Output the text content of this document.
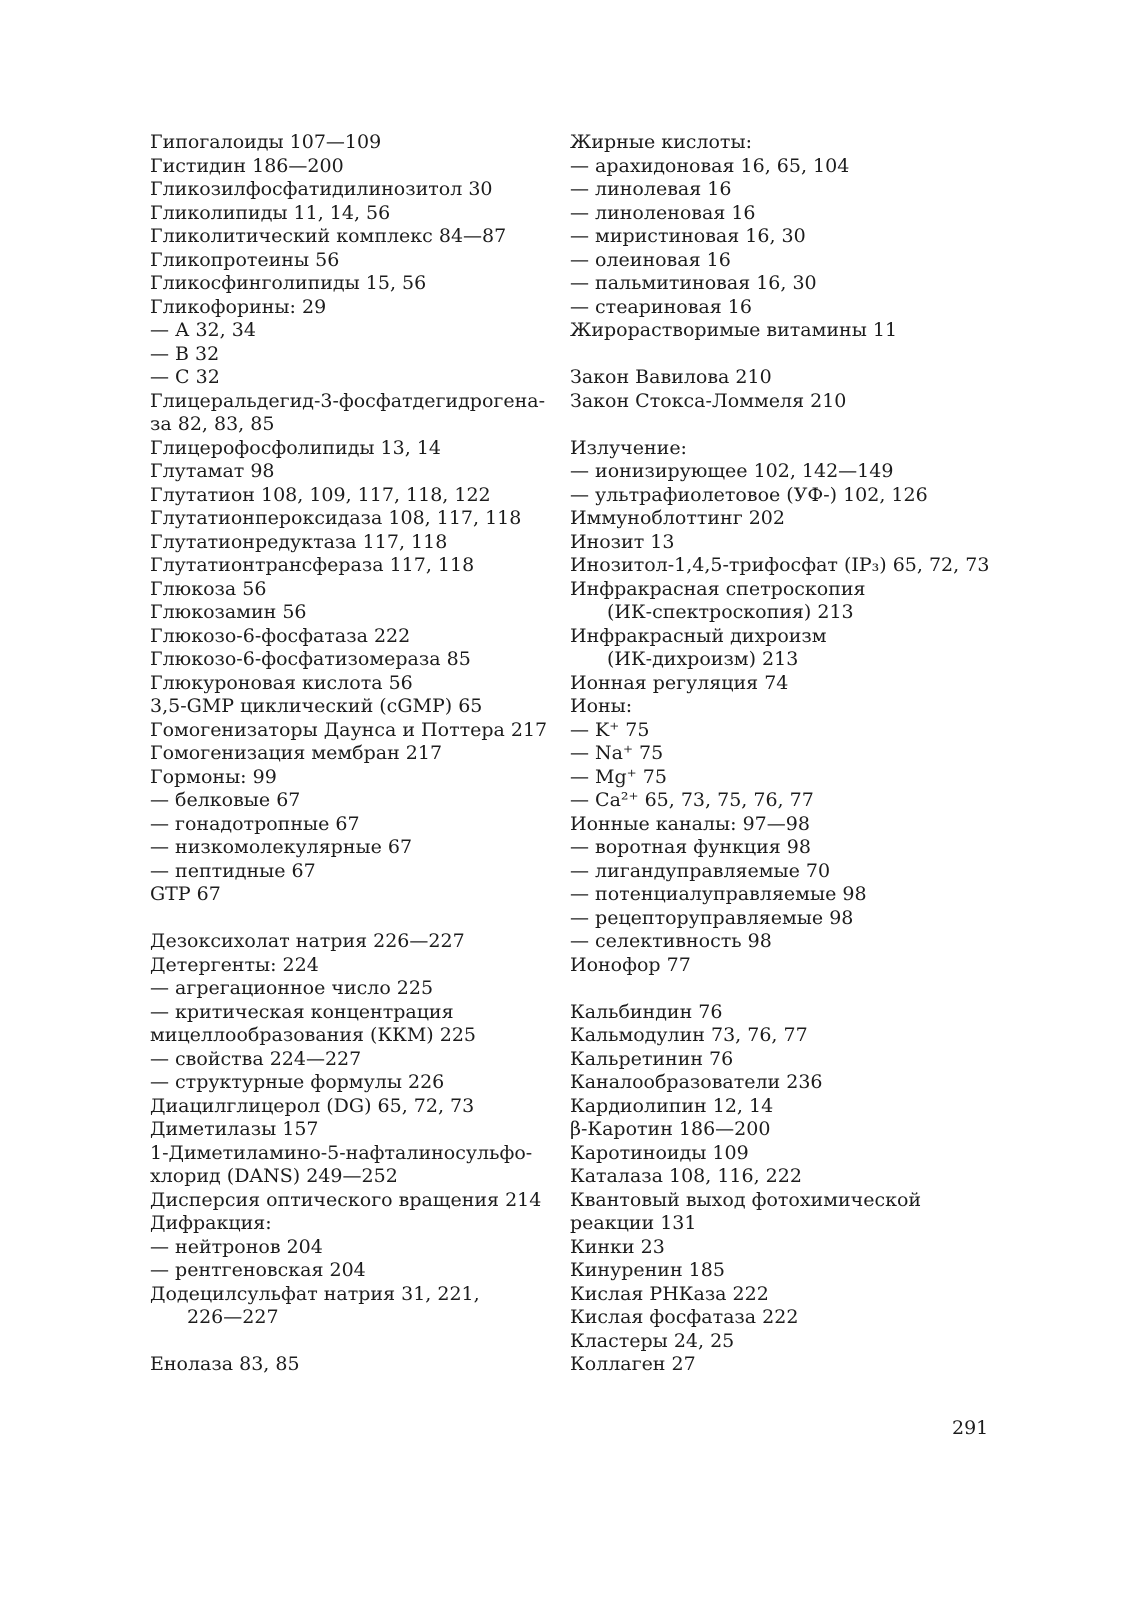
Гипогалоиды 107—109
Гистидин 186—200
Гликозилфосфатидилинозитол 30
Гликолипиды 11, 14, 56
Гликолитический комплекс 84—87
Гликопротеины 56
Гликосфинголипиды 15, 56
Гликофорины: 29
— А 32, 34
— В 32
— С 32
Глицеральдегид-3-фосфатдегидрогена-
за 82, 83, 85
Глицерофосфолипиды 13, 14
Глутамат 98
Глутатион 108, 109, 117, 118, 122
Глутатионпероксидаза 108, 117, 118
Глутатионредуктаза 117, 118
Глутатионтрансфераза 117, 118
Глюкоза 56
Глюкозамин 56
Глюкозо-6-фосфатаза 222
Глюкозо-6-фосфатизомераза 85
Глюкуроновая кислота 56
3,5-GMP циклический (cGMP) 65
Гомогенизаторы Даунса и Поттера 217
Гомогенизация мембран 217
Гормоны: 99
— белковые 67
— гонадотропные 67
— низкомолекулярные 67
— пептидные 67
GTP 67
Дезоксихолат натрия 226—227
Детергенты: 224
— агрегационное число 225
— критическая концентрация
мицеллообразования (ККМ) 225
— свойства 224—227
— структурные формулы 226
Диацилглицерол (DG) 65, 72, 73
Диметилазы 157
1-Диметиламино-5-нафталиносульфо-
хлорид (DANS) 249—252
Дисперсия оптического вращения 214
Дифракция:
— нейтронов 204
— рентгеновская 204
Додецилсульфат натрия 31, 221,
226—227
Енолаза 83, 85
Жирные кислоты:
— арахидоновая 16, 65, 104
— линолевая 16
— линоленовая 16
— миристиновая 16, 30
— олеиновая 16
— пальмитиновая 16, 30
— стеариновая 16
Жирорастворимые витамины 11
Закон Вавилова 210
Закон Стокса-Ломмеля 210
Излучение:
— ионизирующее 102, 142—149
— ультрафиолетовое (УФ-) 102, 126
Иммуноблоттинг 202
Инозит 13
Инозитол-1,4,5-трифосфат (IP₃) 65, 72, 73
Инфракрасная спетроскопия
(ИК-спектроскопия) 213
Инфракрасный дихроизм
(ИК-дихроизм) 213
Ионная регуляция 74
Ионы:
— K⁺ 75
— Na⁺ 75
— Mg⁺ 75
— Ca²⁺ 65, 73, 75, 76, 77
Ионные каналы: 97—98
— воротная функция 98
— лигандуправляемые 70
— потенциалуправляемые 98
— рецепторуправляемые 98
— селективность 98
Ионофор 77
Кальбиндин 76
Кальмодулин 73, 76, 77
Кальретинин 76
Каналообразователи 236
Кардиолипин 12, 14
β-Каротин 186—200
Каротиноиды 109
Каталаза 108, 116, 222
Квантовый выход фотохимической
реакции 131
Кинки 23
Кинуренин 185
Кислая РНКаза 222
Кислая фосфатаза 222
Кластеры 24, 25
Коллаген 27
291
